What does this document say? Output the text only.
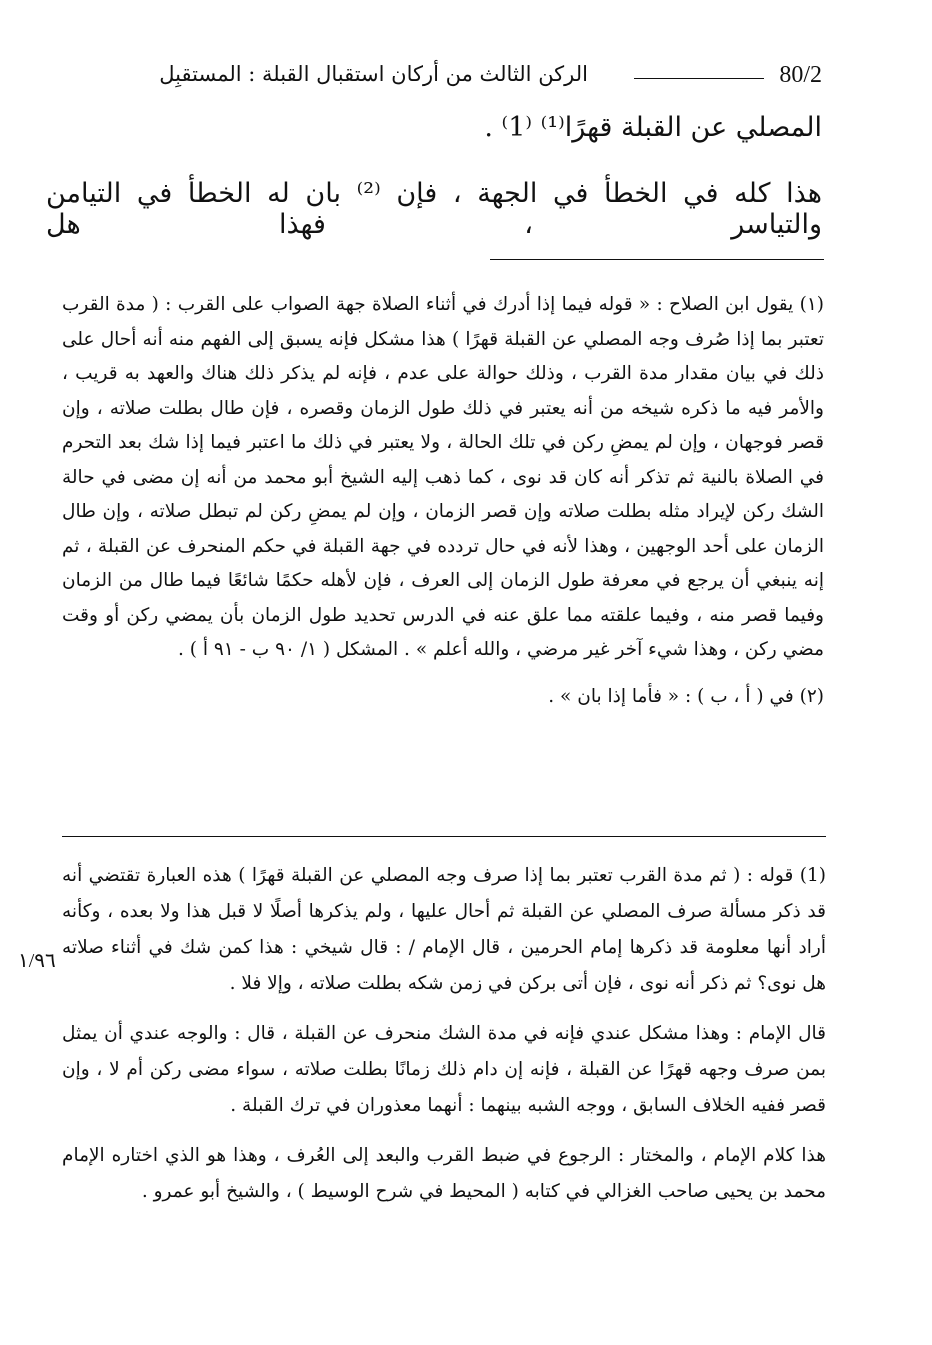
80/2
الركن الثالث من أركان استقبال القبلة : المستقبِل
المصلي عن القبلة قهرًا⁽¹⁾ ⁽1⁾ .
هذا كله في الخطأ في الجهة ، فإن ⁽²⁾ بان له الخطأ في التيامن والتياسر ، فهذا هل

(١) يقول ابن الصلاح : « قوله فيما إذا أدرك في أثناء الصلاة جهة الصواب على القرب : ( مدة القرب تعتبر بما إذا صُرف وجه المصلي عن القبلة قهرًا ) هذا مشكل فإنه يسبق إلى الفهم منه أنه أحال على ذلك في بيان مقدار مدة القرب ، وذلك حوالة على عدم ، فإنه لم يذكر ذلك هناك والعهد به قريب ، والأمر فيه ما ذكره شيخه من أنه يعتبر في ذلك طول الزمان وقصره ، فإن طال بطلت صلاته ، وإن قصر فوجهان ، وإن لم يمضِ ركن في تلك الحالة ، ولا يعتبر في ذلك ما اعتبر فيما إذا شك بعد التحرم في الصلاة بالنية ثم تذكر أنه كان قد نوى ، كما ذهب إليه الشيخ أبو محمد من أنه إن مضى في حالة الشك ركن لإيراد مثله بطلت صلاته وإن قصر الزمان ، وإن لم يمضِ ركن لم تبطل صلاته ، وإن طال الزمان على أحد الوجهين ، وهذا لأنه في حال تردده في جهة القبلة في حكم المنحرف عن القبلة ، ثم إنه ينبغي أن يرجع في معرفة طول الزمان إلى العرف ، فإن لأهله حكمًا شائعًا فيما طال من الزمان وفيما قصر منه ، وفيما علقته مما علق عنه في الدرس تحديد طول الزمان بأن يمضي ركن أو وقت مضي ركن ، وهذا شيء آخر غير مرضي ، والله أعلم » . المشكل ( ١/ ٩٠ ب - ٩١ أ ) .

(٢) في ( أ ، ب ) : « فأما إذا بان » .

(1) قوله : ( ثم مدة القرب تعتبر بما إذا صرف وجه المصلي عن القبلة قهرًا ) هذه العبارة تقتضي أنه قد ذكر مسألة صرف المصلي عن القبلة ثم أحال عليها ، ولم يذكرها أصلًا لا قبل هذا ولا بعده ، وكأنه أراد أنها معلومة قد ذكرها إمام الحرمين ، قال الإمام / : قال شيخي : هذا كمن شك في أثناء صلاته هل نوى؟ ثم ذكر أنه نوى ، فإن أتى بركن في زمن شكه بطلت صلاته ، وإلا فلا .

قال الإمام : وهذا مشكل عندي فإنه في مدة الشك منحرف عن القبلة ، قال : والوجه عندي أن يمثل بمن صرف وجهه قهرًا عن القبلة ، فإنه إن دام ذلك زمانًا بطلت صلاته ، سواء مضى ركن أم لا ، وإن قصر ففيه الخلاف السابق ، ووجه الشبه بينهما : أنهما معذوران في ترك القبلة .

هذا كلام الإمام ، والمختار : الرجوع في ضبط القرب والبعد إلى العُرف ، وهذا هو الذي اختاره الإمام محمد بن يحيى صاحب الغزالي في كتابه ( المحيط في شرح الوسيط ) ، والشيخ أبو عمرو .

١/٩٦
